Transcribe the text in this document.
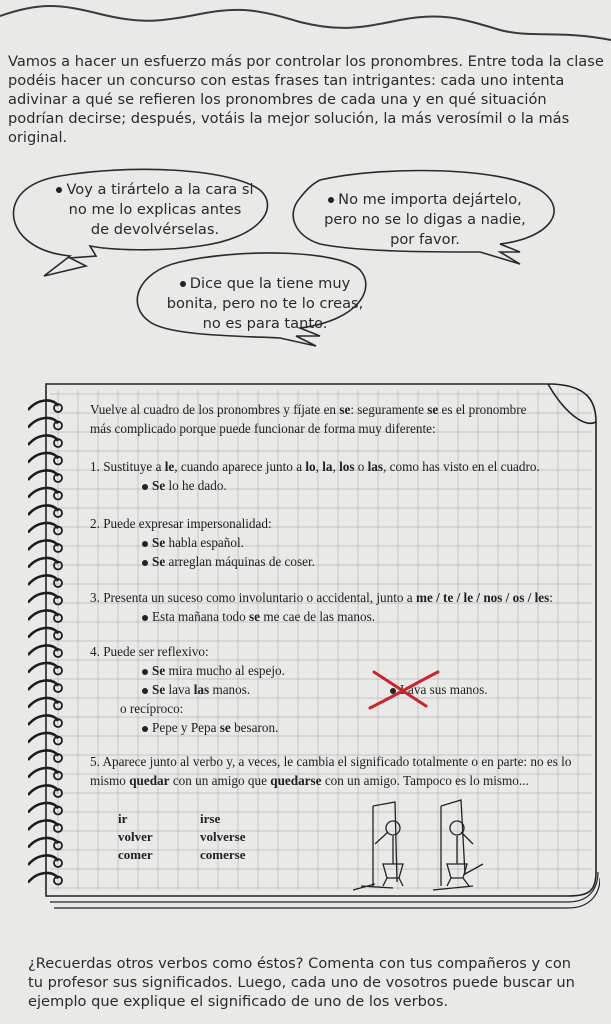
Vamos a hacer un esfuerzo más por controlar los pronombres. Entre toda la clase podéis hacer un concurso con estas frases tan intrigantes: cada uno intenta adivinar a qué se refieren los pronombres de cada una y en qué situación podrían decirse; después, votáis la mejor solución, la más verosímil o la más original.
Voy a tirártelo a la cara si
no me lo explicas antes
de devolvérselas.
No me importa dejártelo,
pero no se lo digas a nadie,
por favor.
Dice que la tiene muy
bonita, pero no te lo creas,
no es para tanto.
Vuelve al cuadro de los pronombres y fíjate en se: seguramente se es el pronombre
más complicado porque puede funcionar de forma muy diferente:
1. Sustituye a le, cuando aparece junto a lo, la, los o las, como has visto en el cuadro.
Se lo he dado.
2. Puede expresar impersonalidad:
Se habla español.
Se arreglan máquinas de coser.
3. Presenta un suceso como involuntario o accidental, junto a me / te / le / nos / os / les:
Esta mañana todo se me cae de las manos.
4. Puede ser reflexivo:
Se mira mucho al espejo.
Se lava las manos.	Lava sus manos.
o recíproco:
Pepe y Pepa se besaron.
5. Aparece junto al verbo y, a veces, le cambia el significado totalmente o en parte: no es lo
mismo quedar con un amigo que quedarse con un amigo. Tampoco es lo mismo...
ir
volver
comer
irse
volverse
comerse
¿Recuerdas otros verbos como éstos? Comenta con tus compañeros y con tu profesor sus significados. Luego, cada uno de vosotros puede buscar un ejemplo que explique el significado de uno de los verbos.
